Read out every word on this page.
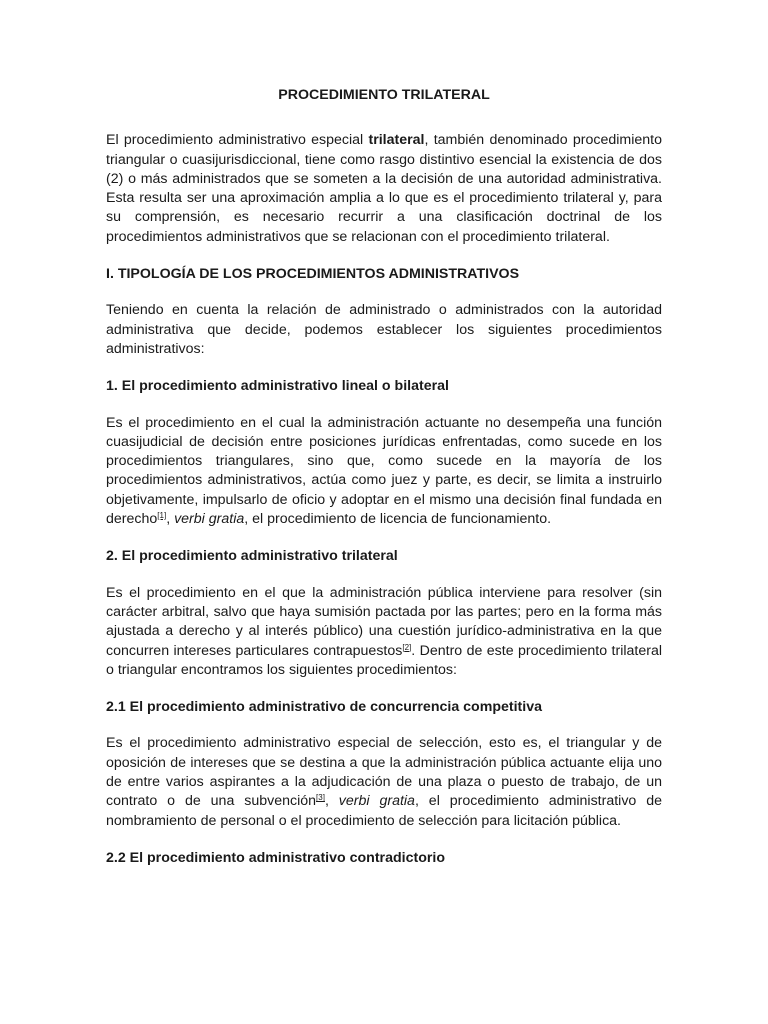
PROCEDIMIENTO TRILATERAL

El procedimiento administrativo especial trilateral, también denominado procedimiento triangular o cuasijurisdiccional, tiene como rasgo distintivo esencial la existencia de dos (2) o más administrados que se someten a la decisión de una autoridad administrativa. Esta resulta ser una aproximación amplia a lo que es el procedimiento trilateral y, para su comprensión, es necesario recurrir a una clasificación doctrinal de los procedimientos administrativos que se relacionan con el procedimiento trilateral.

I. TIPOLOGÍA DE LOS PROCEDIMIENTOS ADMINISTRATIVOS

Teniendo en cuenta la relación de administrado o administrados con la autoridad administrativa que decide, podemos establecer los siguientes procedimientos administrativos:

1. El procedimiento administrativo lineal o bilateral

Es el procedimiento en el cual la administración actuante no desempeña una función cuasijudicial de decisión entre posiciones jurídicas enfrentadas, como sucede en los procedimientos triangulares, sino que, como sucede en la mayoría de los procedimientos administrativos, actúa como juez y parte, es decir, se limita a instruirlo objetivamente, impulsarlo de oficio y adoptar en el mismo una decisión final fundada en derecho[1], verbi gratia, el procedimiento de licencia de funcionamiento.

2. El procedimiento administrativo trilateral

Es el procedimiento en el que la administración pública interviene para resolver (sin carácter arbitral, salvo que haya sumisión pactada por las partes; pero en la forma más ajustada a derecho y al interés público) una cuestión jurídico-administrativa en la que concurren intereses particulares contrapuestos[2]. Dentro de este procedimiento trilateral o triangular encontramos los siguientes procedimientos:

2.1 El procedimiento administrativo de concurrencia competitiva

Es el procedimiento administrativo especial de selección, esto es, el triangular y de oposición de intereses que se destina a que la administración pública actuante elija uno de entre varios aspirantes a la adjudicación de una plaza o puesto de trabajo, de un contrato o de una subvención[3], verbi gratia, el procedimiento administrativo de nombramiento de personal o el procedimiento de selección para licitación pública.

2.2 El procedimiento administrativo contradictorio
